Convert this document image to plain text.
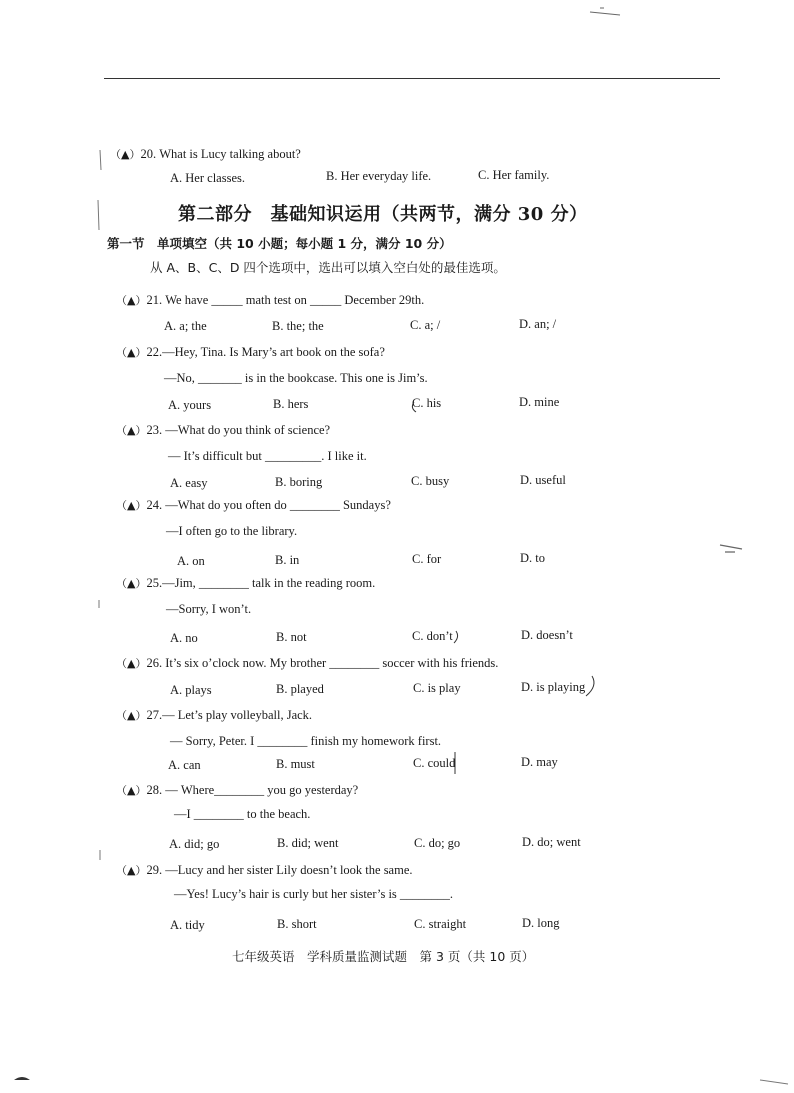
（▲）20. What is Lucy talking about?
A. Her classes.	B. Her everyday life.	C. Her family.
第二部分　基础知识运用（共两节，满分 30 分）
第一节　单项填空（共 10 小题；每小题 1 分，满分 10 分）
从 A、B、C、D 四个选项中，选出可以填入空白处的最佳选项。
（▲）21. We have _____ math test on _____ December 29th.
A. a; the	B. the; the	C. a; /	D. an; /
（▲）22.—Hey, Tina. Is Mary’s art book on the sofa?
—No, _______ is in the bookcase. This one is Jim’s.
A. yours	B. hers	C. his	D. mine
（▲）23. —What do you think of science?
— It’s difficult but _________. I like it.
A. easy	B. boring	C. busy	D. useful
（▲）24. —What do you often do ________ Sundays?
—I often go to the library.
A. on	B. in	C. for	D. to
（▲）25.—Jim, ________ talk in the reading room.
—Sorry, I won’t.
A. no	B. not	C. don’t	D. doesn’t
（▲）26. It’s six o’clock now. My brother ________ soccer with his friends.
A. plays	B. played	C. is play	D. is playing
（▲）27.— Let’s play volleyball, Jack.
— Sorry, Peter. I ________ finish my homework first.
A. can	B. must	C. could	D. may
（▲）28. — Where________ you go yesterday?
—I ________ to the beach.
A. did; go	B. did; went	C. do; go	D. do; went
（▲）29. —Lucy and her sister Lily doesn’t look the same.
—Yes! Lucy’s hair is curly but her sister’s is ________.
A. tidy	B. short	C. straight	D. long
七年级英语　学科质量监测试题　第 3 页（共 10 页）
